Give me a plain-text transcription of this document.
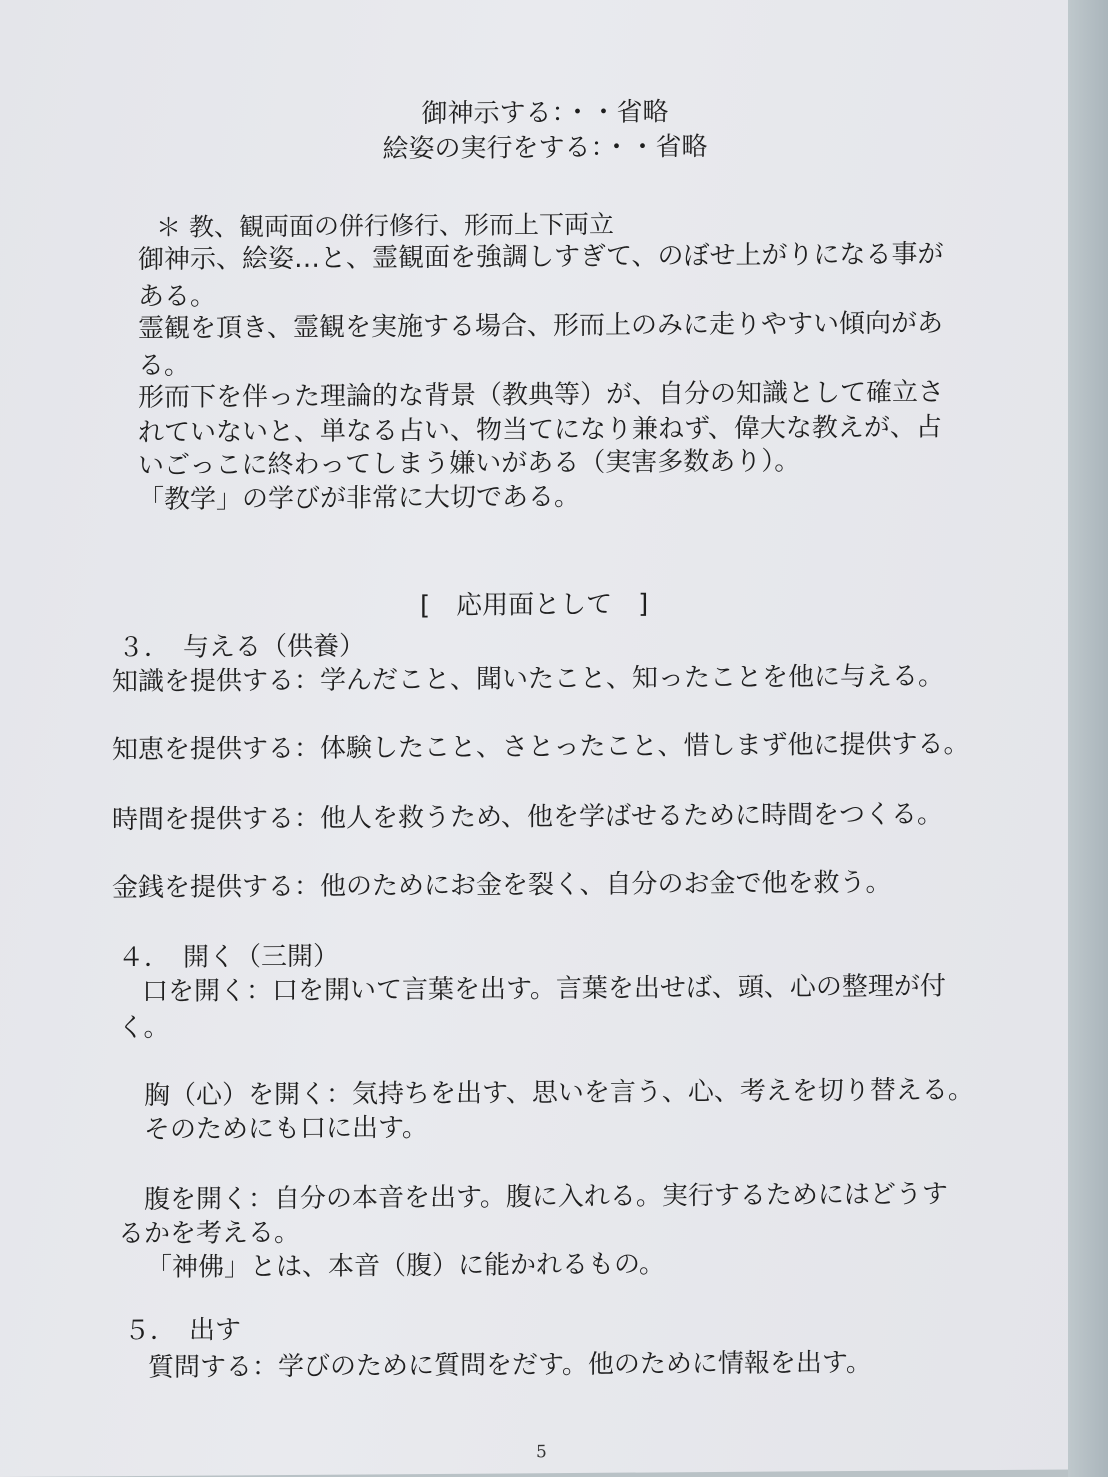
御神示する：・・省略
絵姿の実行をする：・・省略
＊ 教、観両面の併行修行、形而上下両立
御神示、絵姿…と、霊観面を強調しすぎて、のぼせ上がりになる事が
ある。
霊観を頂き、霊観を実施する場合、形而上のみに走りやすい傾向があ
る。
形而下を伴った理論的な背景（教典等）が、自分の知識として確立さ
れていないと、単なる占い、物当てになり兼ねず、偉大な教えが、占
いごっこに終わってしまう嫌いがある（実害多数あり）。
「教学」の学びが非常に大切である。
[　応用面として　]
３．　与える（供養）
知識を提供する：学んだこと、聞いたこと、知ったことを他に与える。
知恵を提供する：体験したこと、さとったこと、惜しまず他に提供する。
時間を提供する：他人を救うため、他を学ばせるために時間をつくる。
金銭を提供する：他のためにお金を裂く、自分のお金で他を救う。
４．　開く（三開）
口を開く：口を開いて言葉を出す。言葉を出せば、頭、心の整理が付
く。
胸（心）を開く：気持ちを出す、思いを言う、心、考えを切り替える。
そのためにも口に出す。
腹を開く：自分の本音を出す。腹に入れる。実行するためにはどうす
るかを考える。
「神佛」とは、本音（腹）に能かれるもの。
５．　出す
質問する：学びのために質問をだす。他のために情報を出す。
5
